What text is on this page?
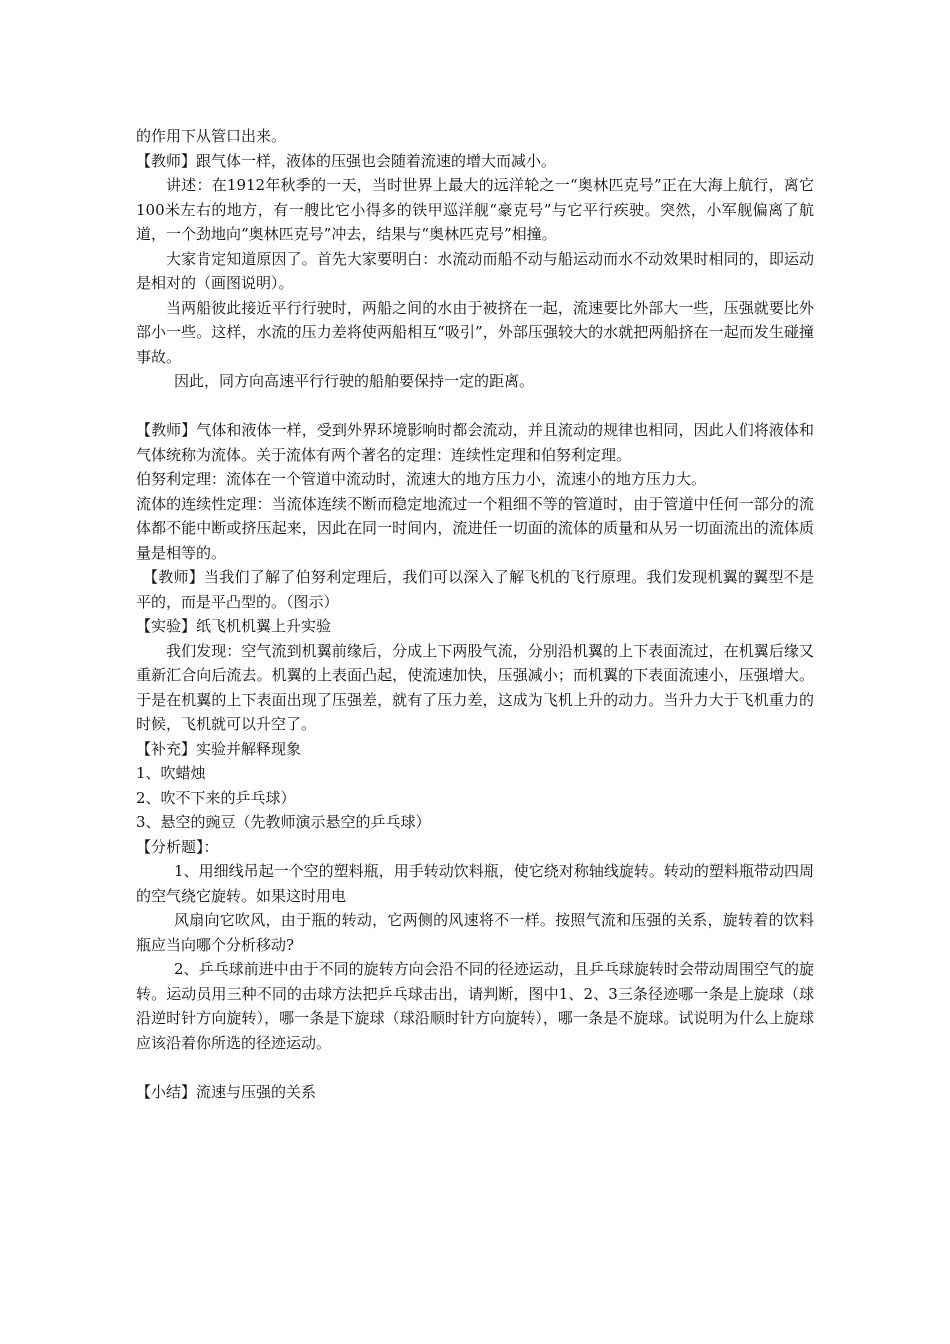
的作用下从管口出来。

【教师】跟气体一样，液体的压强也会随着流速的增大而减小。

讲述：在1912年秋季的一天，当时世界上最大的远洋轮之一“奥林匹克号”正在大海上航行，离它100米左右的地方，有一艘比它小得多的铁甲巡洋舰“豪克号”与它平行疾驶。突然，小军舰偏离了航道，一个劲地向“奥林匹克号”冲去，结果与“奥林匹克号”相撞。

大家肯定知道原因了。首先大家要明白：水流动而船不动与船运动而水不动效果时相同的，即运动是相对的（画图说明）。

当两船彼此接近平行行驶时，两船之间的水由于被挤在一起，流速要比外部大一些，压强就要比外部小一些。这样，水流的压力差将使两船相互“吸引”，外部压强较大的水就把两船挤在一起而发生碰撞事故。

因此，同方向高速平行行驶的船舶要保持一定的距离。

【教师】气体和液体一样，受到外界环境影响时都会流动，并且流动的规律也相同，因此人们将液体和气体统称为流体。关于流体有两个著名的定理：连续性定理和伯努利定理。

伯努利定理：流体在一个管道中流动时，流速大的地方压力小，流速小的地方压力大。

流体的连续性定理：当流体连续不断而稳定地流过一个粗细不等的管道时，由于管道中任何一部分的流体都不能中断或挤压起来，因此在同一时间内，流进任一切面的流体的质量和从另一切面流出的流体质量是相等的。

【教师】当我们了解了伯努利定理后，我们可以深入了解飞机的飞行原理。我们发现机翼的翼型不是平的，而是平凸型的。（图示）

【实验】纸飞机机翼上升实验

我们发现：空气流到机翼前缘后，分成上下两股气流，分别沿机翼的上下表面流过，在机翼后缘又重新汇合向后流去。机翼的上表面凸起，使流速加快，压强减小；而机翼的下表面流速小，压强增大。于是在机翼的上下表面出现了压强差，就有了压力差，这成为飞机上升的动力。当升力大于飞机重力的时候，飞机就可以升空了。

【补充】实验并解释现象

1、吹蜡烛

2、吹不下来的乒乓球）

3、悬空的豌豆（先教师演示悬空的乒乓球）

【分析题】：

1、用细线吊起一个空的塑料瓶，用手转动饮料瓶，使它绕对称轴线旋转。转动的塑料瓶带动四周的空气绕它旋转。如果这时用电

风扇向它吹风，由于瓶的转动，它两侧的风速将不一样。按照气流和压强的关系，旋转着的饮料瓶应当向哪个分析移动?

2、乒乓球前进中由于不同的旋转方向会沿不同的径迹运动，且乒乓球旋转时会带动周围空气的旋转。运动员用三种不同的击球方法把乒乓球击出，请判断，图中1、2、3三条径迹哪一条是上旋球（球沿逆时针方向旋转），哪一条是下旋球（球沿顺时针方向旋转），哪一条是不旋球。试说明为什么上旋球应该沿着你所选的径迹运动。

【小结】流速与压强的关系
